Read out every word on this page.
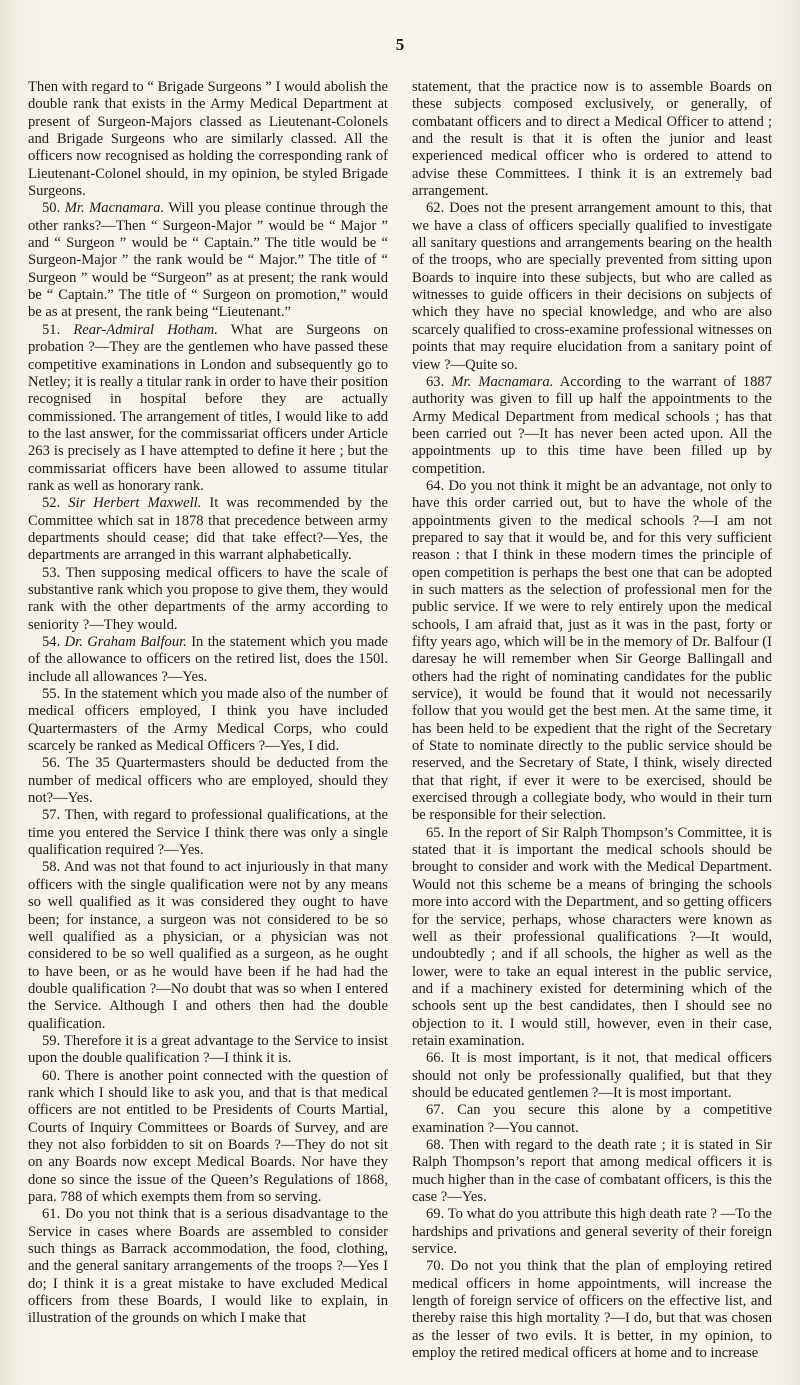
5

Then with regard to “ Brigade Surgeons ” I would abolish the double rank that exists in the Army Medical Department at present of Surgeon-Majors classed as Lieutenant-Colonels and Brigade Surgeons who are similarly classed. All the officers now recognised as holding the corresponding rank of Lieutenant-Colonel should, in my opinion, be styled Brigade Surgeons.

50. Mr. Macnamara. Will you please continue through the other ranks?—Then “ Surgeon-Major ” would be “ Major ” and “ Surgeon ” would be “ Captain.” The title would be “ Surgeon-Major ” the rank would be “ Major.” The title of “ Surgeon ” would be “Surgeon” as at present; the rank would be “ Captain.” The title of “ Surgeon on promotion,” would be as at present, the rank being “Lieutenant.”

51. Rear-Admiral Hotham. What are Surgeons on probation ?—They are the gentlemen who have passed these competitive examinations in London and subsequently go to Netley; it is really a titular rank in order to have their position recognised in hospital before they are actually commissioned. The arrangement of titles, I would like to add to the last answer, for the commissariat officers under Article 263 is precisely as I have attempted to define it here ; but the commissariat officers have been allowed to assume titular rank as well as honorary rank.

52. Sir Herbert Maxwell. It was recommended by the Committee which sat in 1878 that precedence between army departments should cease; did that take effect?—Yes, the departments are arranged in this warrant alphabetically.

53. Then supposing medical officers to have the scale of substantive rank which you propose to give them, they would rank with the other departments of the army according to seniority ?—They would.

54. Dr. Graham Balfour. In the statement which you made of the allowance to officers on the retired list, does the 150l. include all allowances ?—Yes.

55. In the statement which you made also of the number of medical officers employed, I think you have included Quartermasters of the Army Medical Corps, who could scarcely be ranked as Medical Officers ?—Yes, I did.

56. The 35 Quartermasters should be deducted from the number of medical officers who are employed, should they not?—Yes.

57. Then, with regard to professional qualifications, at the time you entered the Service I think there was only a single qualification required ?—Yes.

58. And was not that found to act injuriously in that many officers with the single qualification were not by any means so well qualified as it was considered they ought to have been; for instance, a surgeon was not considered to be so well qualified as a physician, or a physician was not considered to be so well qualified as a surgeon, as he ought to have been, or as he would have been if he had had the double qualification ?—No doubt that was so when I entered the Service. Although I and others then had the double qualification.

59. Therefore it is a great advantage to the Service to insist upon the double qualification ?—I think it is.

60. There is another point connected with the question of rank which I should like to ask you, and that is that medical officers are not entitled to be Presidents of Courts Martial, Courts of Inquiry Committees or Boards of Survey, and are they not also forbidden to sit on Boards ?—They do not sit on any Boards now except Medical Boards. Nor have they done so since the issue of the Queen’s Regulations of 1868, para. 788 of which exempts them from so serving.

61. Do you not think that is a serious disadvantage to the Service in cases where Boards are assembled to consider such things as Barrack accommodation, the food, clothing, and the general sanitary arrangements of the troops ?—Yes I do; I think it is a great mistake to have excluded Medical officers from these Boards, I would like to explain, in illustration of the grounds on which I make that

statement, that the practice now is to assemble Boards on these subjects composed exclusively, or generally, of combatant officers and to direct a Medical Officer to attend ; and the result is that it is often the junior and least experienced medical officer who is ordered to attend to advise these Committees. I think it is an extremely bad arrangement.

62. Does not the present arrangement amount to this, that we have a class of officers specially qualified to investigate all sanitary questions and arrangements bearing on the health of the troops, who are specially prevented from sitting upon Boards to inquire into these subjects, but who are called as witnesses to guide officers in their decisions on subjects of which they have no special knowledge, and who are also scarcely qualified to cross-examine professional witnesses on points that may require elucidation from a sanitary point of view ?—Quite so.

63. Mr. Macnamara. According to the warrant of 1887 authority was given to fill up half the appointments to the Army Medical Department from medical schools ; has that been carried out ?—It has never been acted upon. All the appointments up to this time have been filled up by competition.

64. Do you not think it might be an advantage, not only to have this order carried out, but to have the whole of the appointments given to the medical schools ?—I am not prepared to say that it would be, and for this very sufficient reason : that I think in these modern times the principle of open competition is perhaps the best one that can be adopted in such matters as the selection of professional men for the public service. If we were to rely entirely upon the medical schools, I am afraid that, just as it was in the past, forty or fifty years ago, which will be in the memory of Dr. Balfour (I daresay he will remember when Sir George Ballingall and others had the right of nominating candidates for the public service), it would be found that it would not necessarily follow that you would get the best men. At the same time, it has been held to be expedient that the right of the Secretary of State to nominate directly to the public service should be reserved, and the Secretary of State, I think, wisely directed that that right, if ever it were to be exercised, should be exercised through a collegiate body, who would in their turn be responsible for their selection.

65. In the report of Sir Ralph Thompson’s Committee, it is stated that it is important the medical schools should be brought to consider and work with the Medical Department. Would not this scheme be a means of bringing the schools more into accord with the Department, and so getting officers for the service, perhaps, whose characters were known as well as their professional qualifications ?—It would, undoubtedly ; and if all schools, the higher as well as the lower, were to take an equal interest in the public service, and if a machinery existed for determining which of the schools sent up the best candidates, then I should see no objection to it. I would still, however, even in their case, retain examination.

66. It is most important, is it not, that medical officers should not only be professionally qualified, but that they should be educated gentlemen ?—It is most important.

67. Can you secure this alone by a competitive examination ?—You cannot.

68. Then with regard to the death rate ; it is stated in Sir Ralph Thompson’s report that among medical officers it is much higher than in the case of combatant officers, is this the case ?—Yes.

69. To what do you attribute this high death rate ? —To the hardships and privations and general severity of their foreign service.

70. Do not you think that the plan of employing retired medical officers in home appointments, will increase the length of foreign service of officers on the effective list, and thereby raise this high mortality ?—I do, but that was chosen as the lesser of two evils. It is better, in my opinion, to employ the retired medical officers at home and to increase
